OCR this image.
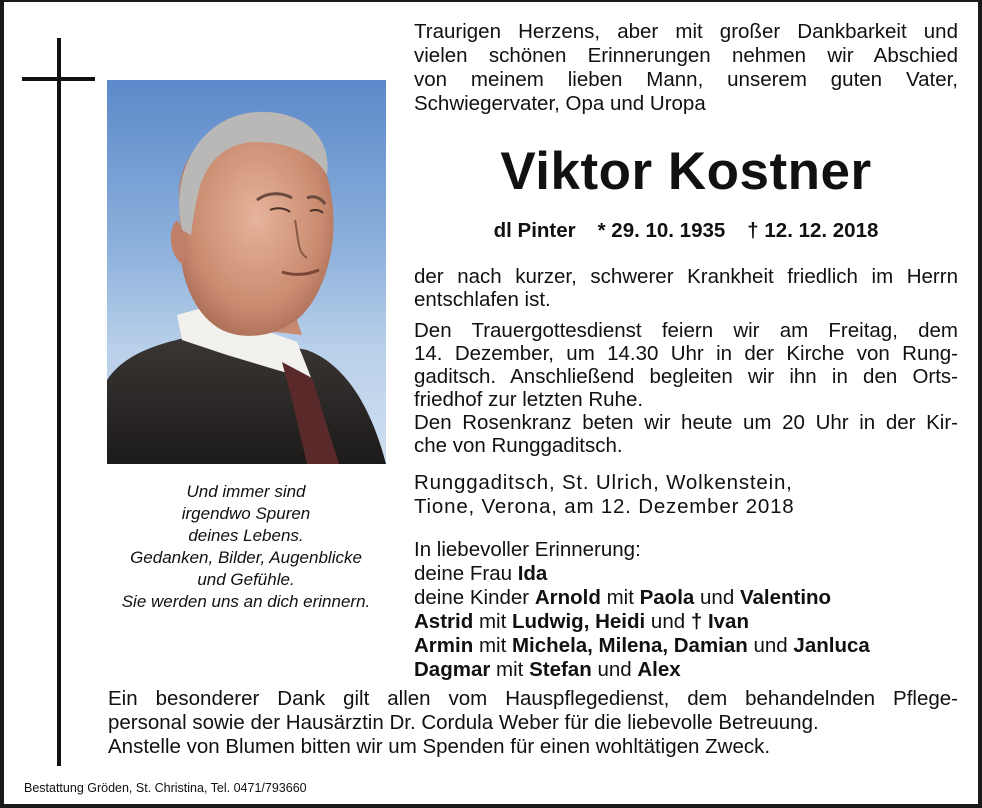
Und immer sind
irgendwo Spuren
deines Lebens.
Gedanken, Bilder, Augenblicke
und Gefühle.
Sie werden uns an dich erinnern.
Traurigen Herzens, aber mit großer Dankbarkeit und
vielen schönen Erinnerungen nehmen wir Abschied
von meinem lieben Mann, unserem guten Vater,
Schwiegervater, Opa und Uropa
Viktor Kostner
dl Pinter * 29. 10. 1935 † 12. 12. 2018
der nach kurzer, schwerer Krankheit friedlich im Herrn
entschlafen ist.
Den Trauergottesdienst feiern wir am Freitag, dem
14. Dezember, um 14.30 Uhr in der Kirche von Rung-
gaditsch. Anschließend begleiten wir ihn in den Orts-
friedhof zur letzten Ruhe.
Den Rosenkranz beten wir heute um 20 Uhr in der Kir-
che von Runggaditsch.
Runggaditsch, St. Ulrich, Wolkenstein,
Tione, Verona, am 12. Dezember 2018
In liebevoller Erinnerung:
deine Frau Ida
deine Kinder Arnold mit Paola und Valentino
Astrid mit Ludwig, Heidi und † Ivan
Armin mit Michela, Milena, Damian und Janluca
Dagmar mit Stefan und Alex
Ein besonderer Dank gilt allen vom Hauspflegedienst, dem behandelnden Pflege-
personal sowie der Hausärztin Dr. Cordula Weber für die liebevolle Betreuung.
Anstelle von Blumen bitten wir um Spenden für einen wohltätigen Zweck.
Bestattung Gröden, St. Christina, Tel. 0471/793660
